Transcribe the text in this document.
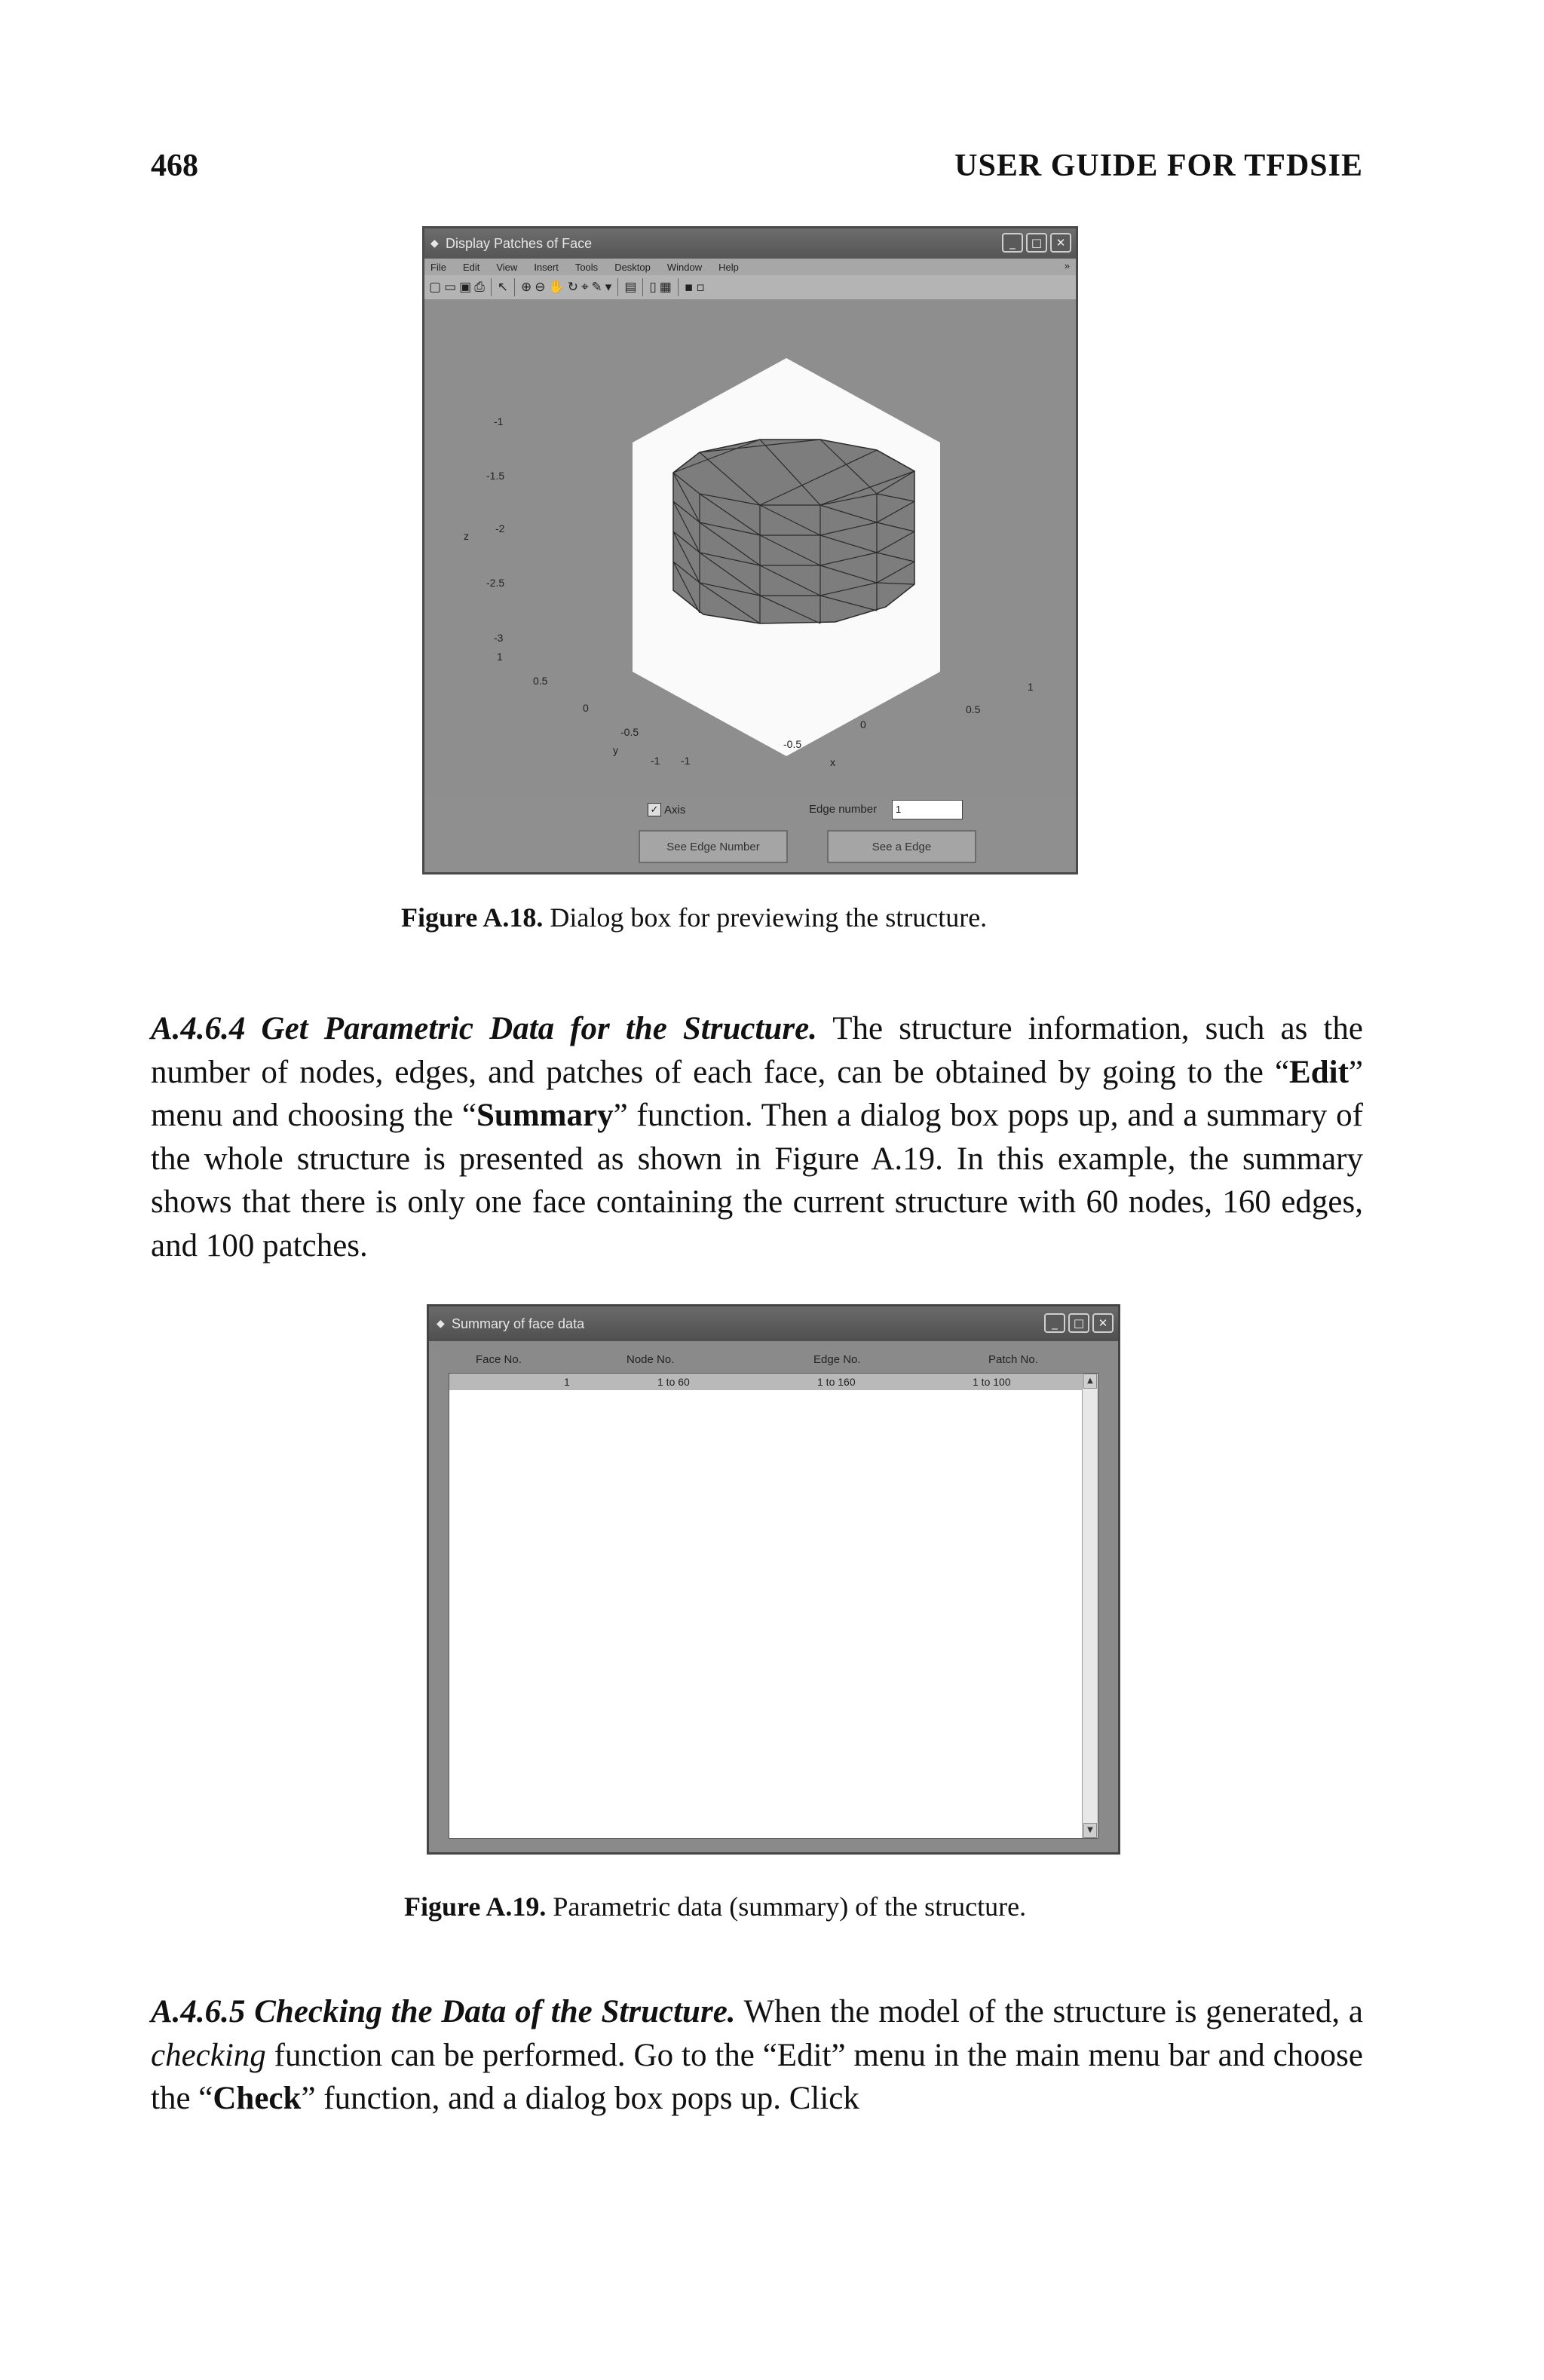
468	USER GUIDE FOR TFDSIE
◆ Display Patches of Face	_	□	✕
File Edit View Insert Tools Desktop Window Help	»
▢ ▭ ▣ ⎙ ↖ ⊕ ⊖ ✋ ↻ ⌖ ✎ ▾ ▤ ▯ ▦ ▪ ▫
-1
-1.5
-2
z
-2.5
-3
1
0.5
0
-0.5
y
-1 -1
-0.5
0
x
0.5
1
✓ Axis	Edge number	1
See Edge Number	See a Edge
Figure A.18. Dialog box for previewing the structure.
A.4.6.4 Get Parametric Data for the Structure. The structure information, such as the number of nodes, edges, and patches of each face, can be obtained by going to the “Edit” menu and choosing the “Summary” function. Then a dialog box pops up, and a summary of the whole structure is presented as shown in Figure A.19. In this example, the summary shows that there is only one face containing the current structure with 60 nodes, 160 edges, and 100 patches.
◆ Summary of face data	_	□	✕
Face No.	Node No.	Edge No.	Patch No.
1	1 to 60	1 to 160	1 to 100	▲
▼
Figure A.19. Parametric data (summary) of the structure.
A.4.6.5 Checking the Data of the Structure. When the model of the structure is generated, a checking function can be performed. Go to the “Edit” menu in the main menu bar and choose the “Check” function, and a dialog box pops up. Click
